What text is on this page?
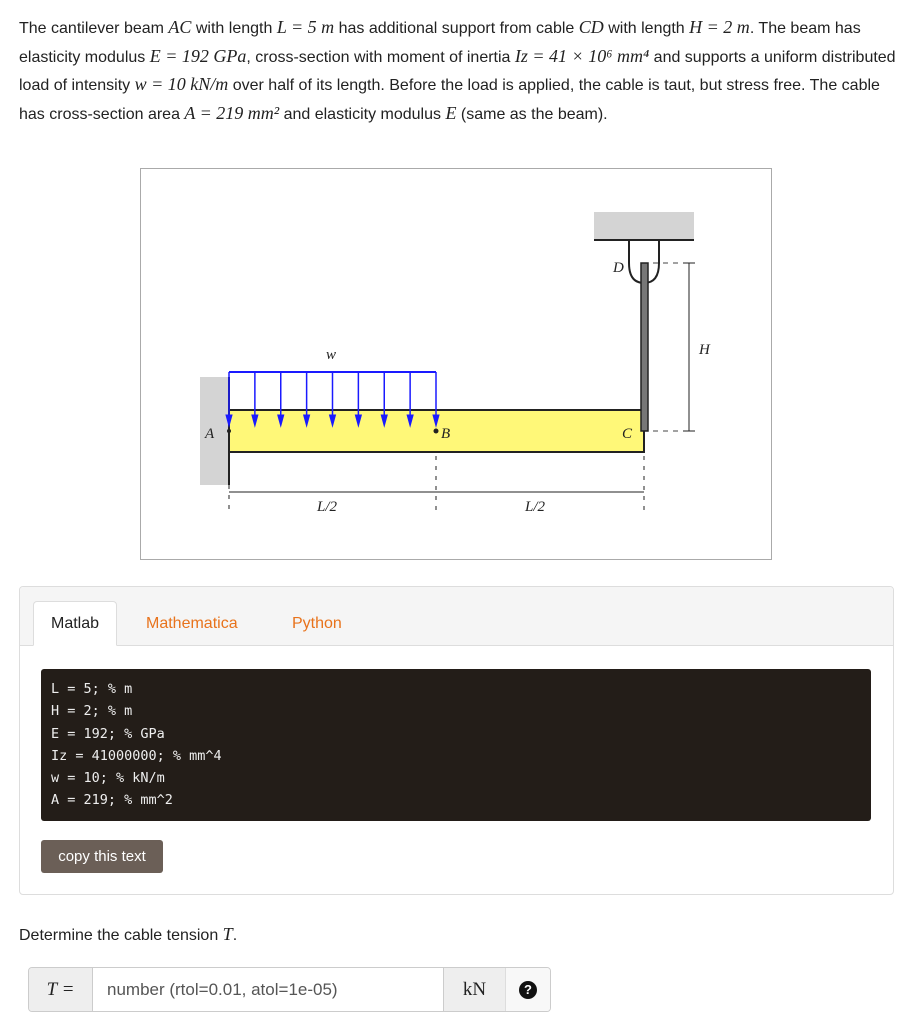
The cantilever beam AC with length L = 5 m has additional support from cable CD with length H = 2 m. The beam has elasticity modulus E = 192 GPa, cross-section with moment of inertia Iz = 41 × 10⁶ mm⁴ and supports a uniform distributed load of intensity w = 10 kN/m over half of its length. Before the load is applied, the cable is taut, but stress free. The cable has cross-section area A = 219 mm² and elasticity modulus E (same as the beam).
A	B	C
D
H
w
L/2	L/2
Matlab	Mathematica	Python
L = 5; % m
H = 2; % m
E = 192; % GPa
Iz = 41000000; % mm^4
w = 10; % kN/m
A = 219; % mm^2
copy this text
Determine the cable tension T.
T =
number (rtol=0.01, atol=1e-05)	kN	?
